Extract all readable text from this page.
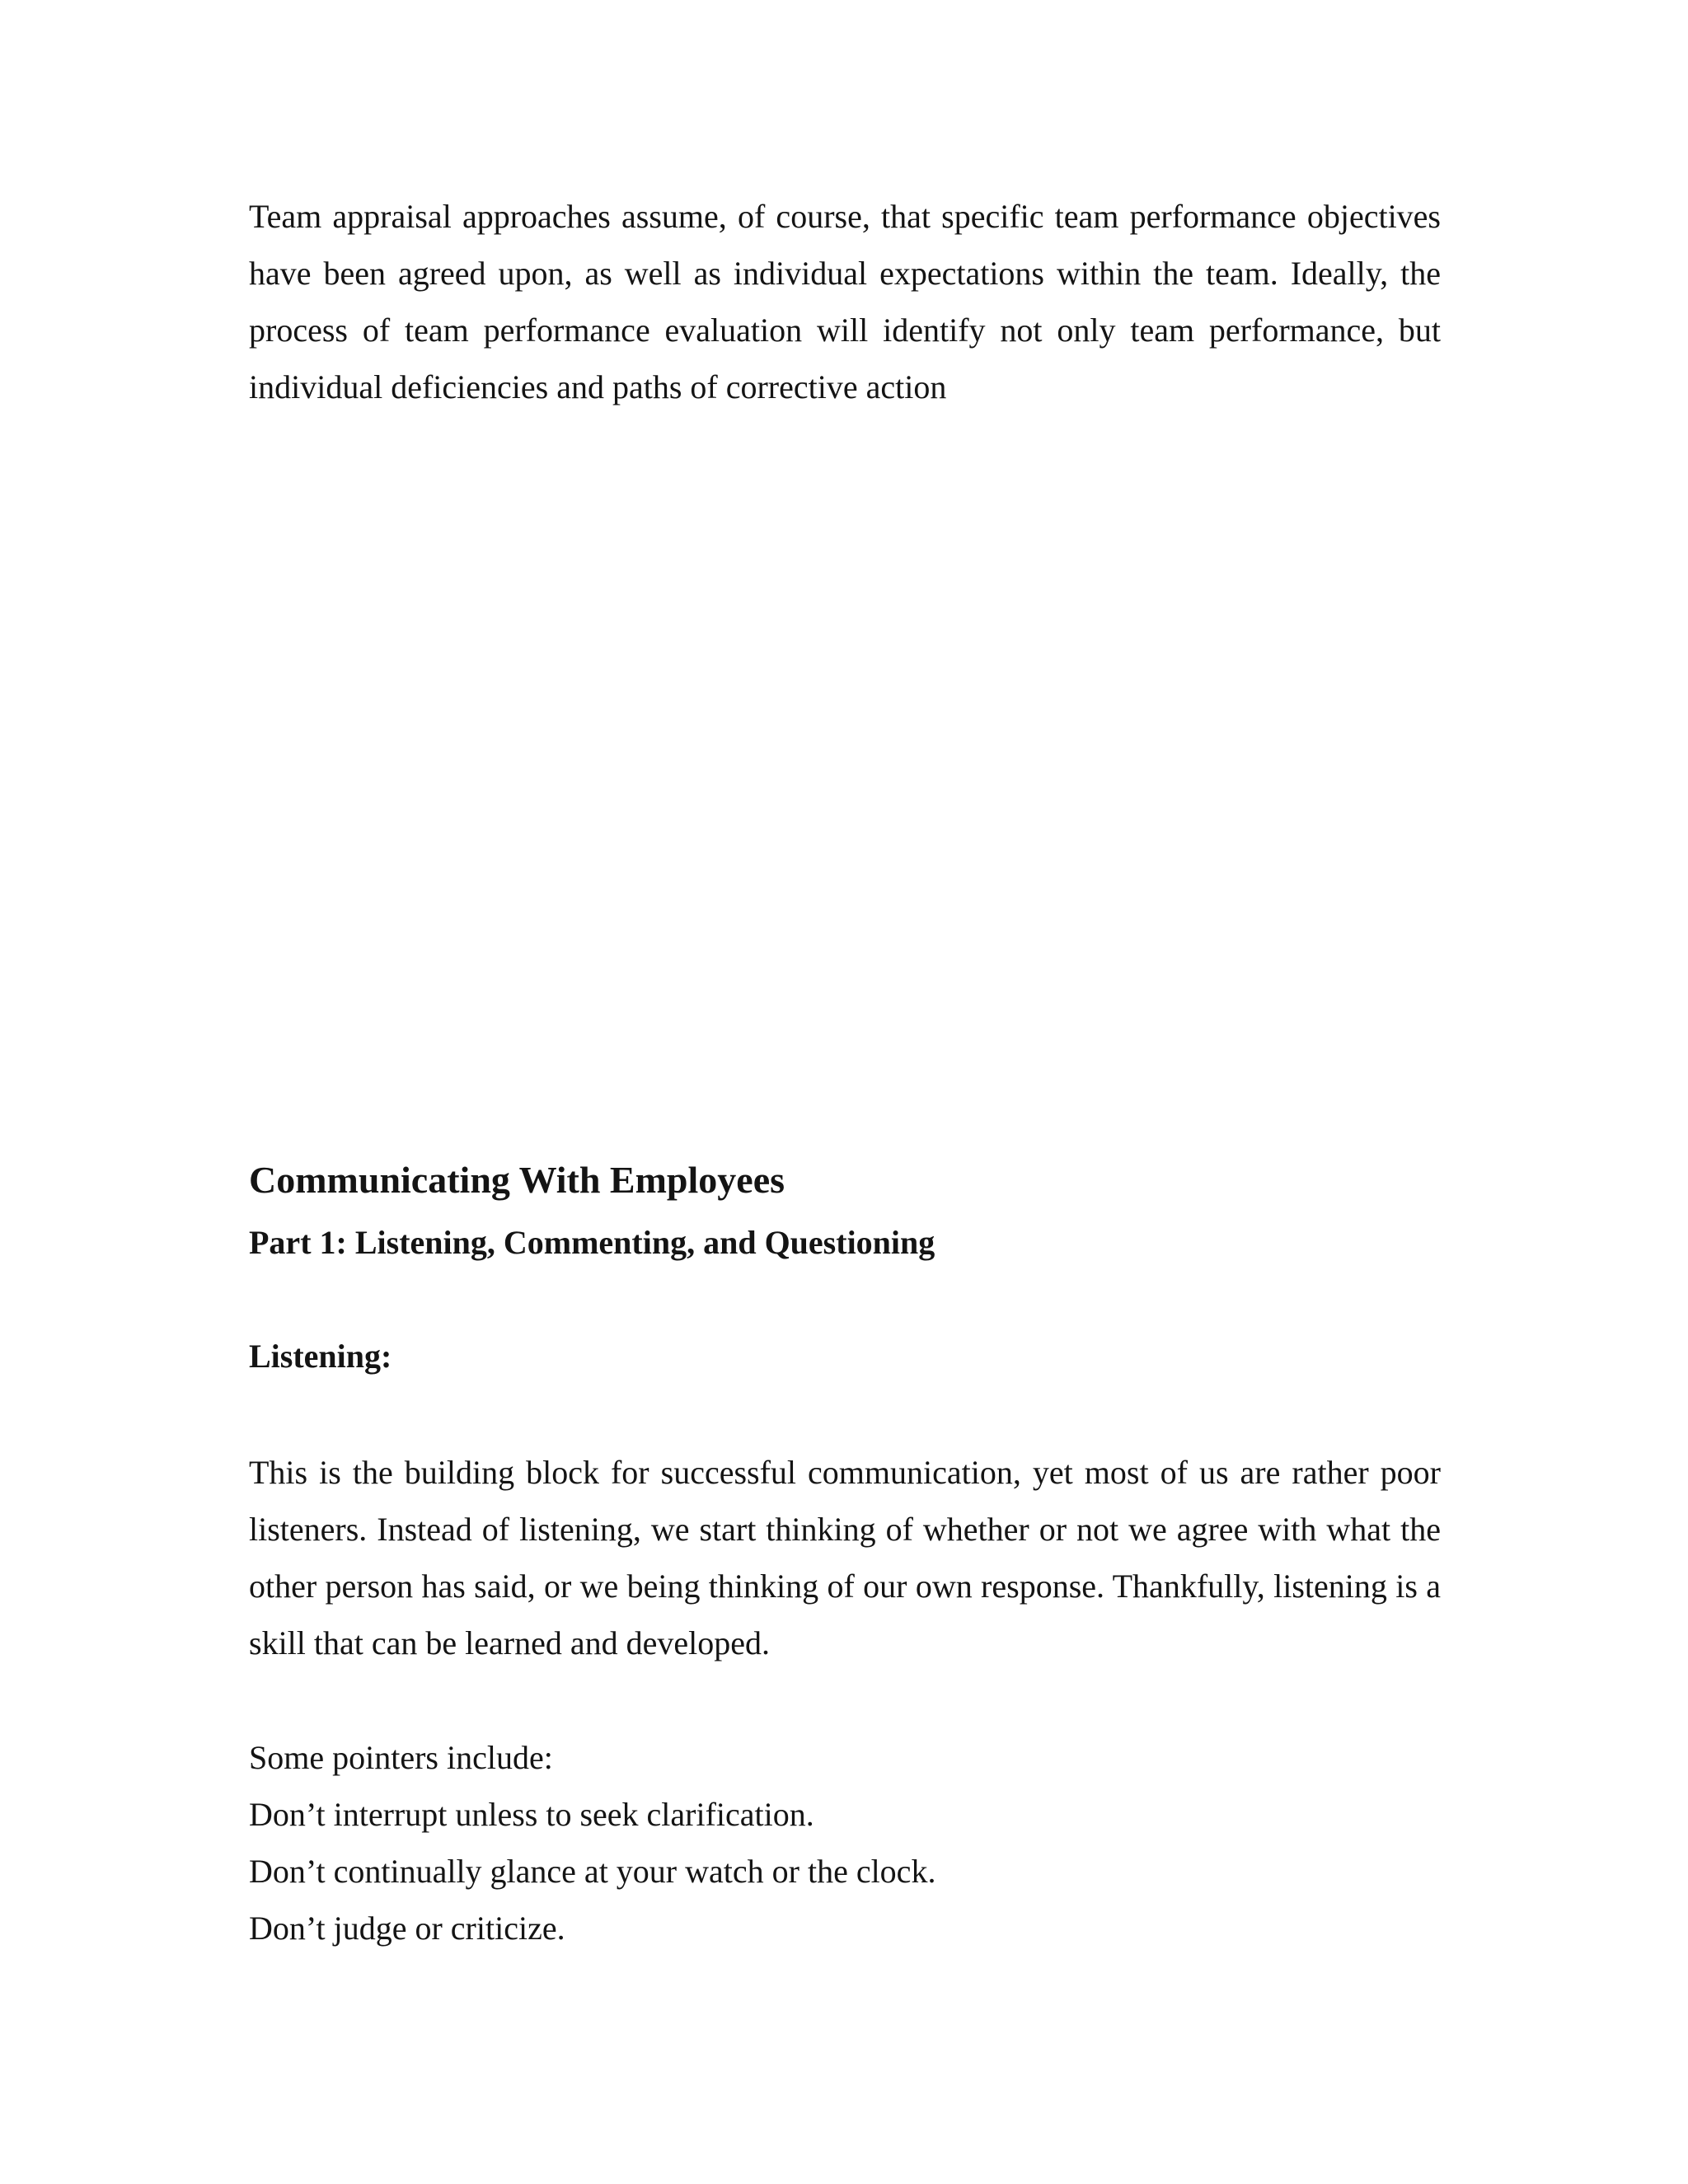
Team appraisal approaches assume, of course, that specific team performance objectives have been agreed upon, as well as individual expectations within the team. Ideally, the process of team performance evaluation will identify not only team performance, but individual deficiencies and paths of corrective action

Communicating With Employees
Part 1: Listening, Commenting, and Questioning
Listening:

This is the building block for successful communication, yet most of us are rather poor listeners. Instead of listening, we start thinking of whether or not we agree with what the other person has said, or we being thinking of our own response. Thankfully, listening is a skill that can be learned and developed.

Some pointers include:

Don’t interrupt unless to seek clarification.

Don’t continually glance at your watch or the clock.

Don’t judge or criticize.
